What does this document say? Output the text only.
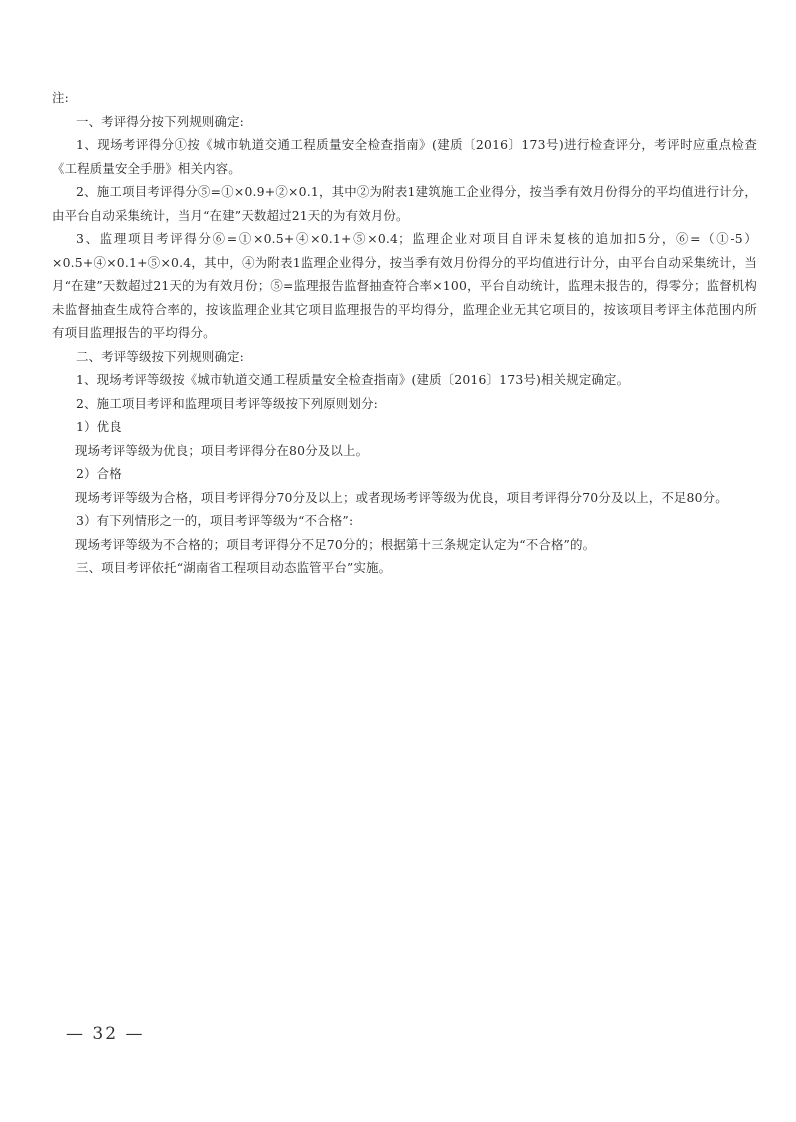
注:

一、考评得分按下列规则确定:

1、现场考评得分①按《城市轨道交通工程质量安全检查指南》(建质〔2016〕173号)进行检查评分，考评时应重点检查《工程质量安全手册》相关内容。

2、施工项目考评得分⑤=①×0.9+②×0.1，其中②为附表1建筑施工企业得分，按当季有效月份得分的平均值进行计分，由平台自动采集统计，当月“在建”天数超过21天的为有效月份。

3、监理项目考评得分⑥=①×0.5+④×0.1+⑤×0.4；监理企业对项目自评未复核的追加扣5分，⑥=（①-5）×0.5+④×0.1+⑤×0.4，其中，④为附表1监理企业得分，按当季有效月份得分的平均值进行计分，由平台自动采集统计，当月“在建”天数超过21天的为有效月份；⑤=监理报告监督抽查符合率×100，平台自动统计，监理未报告的，得零分；监督机构未监督抽查生成符合率的，按该监理企业其它项目监理报告的平均得分，监理企业无其它项目的，按该项目考评主体范围内所有项目监理报告的平均得分。

二、考评等级按下列规则确定:

1、现场考评等级按《城市轨道交通工程质量安全检查指南》(建质〔2016〕173号)相关规定确定。

2、施工项目考评和监理项目考评等级按下列原则划分:

1）优良

现场考评等级为优良；项目考评得分在80分及以上。

2）合格

现场考评等级为合格，项目考评得分70分及以上；或者现场考评等级为优良，项目考评得分70分及以上，不足80分。

3）有下列情形之一的，项目考评等级为“不合格”:

现场考评等级为不合格的；项目考评得分不足70分的；根据第十三条规定认定为“不合格”的。

三、项目考评依托“湖南省工程项目动态监管平台”实施。

— 32 —
